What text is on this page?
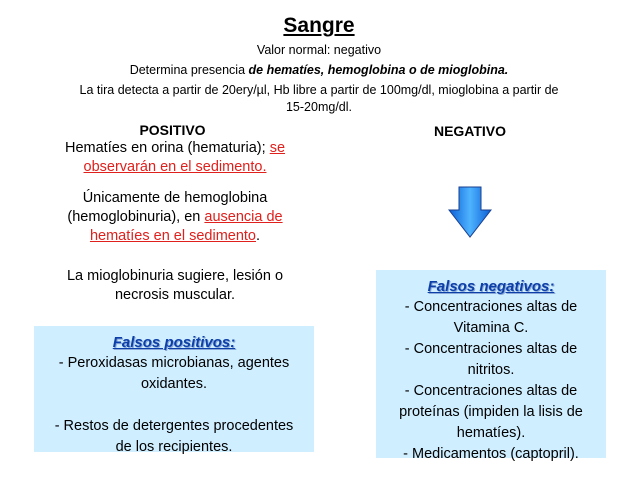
Sangre
Valor normal: negativo
Determina presencia de hematíes, hemoglobina o de mioglobina.
La tira detecta a partir de 20ery/µl, Hb libre a partir de 100mg/dl, mioglobina a partir de
15-20mg/dl.
POSITIVO
Hematíes en orina (hematuria); se
observarán en el sedimento.
Únicamente de hemoglobina
(hemoglobinuria), en ausencia de
hematíes en el sedimento.
La mioglobinuria sugiere, lesión o
necrosis muscular.
NEGATIVO
Falsos positivos:
- Peroxidasas microbianas, agentes
oxidantes.
- Restos de detergentes procedentes
de los recipientes.
Falsos negativos:
- Concentraciones altas de
Vitamina C.
- Concentraciones altas de
nitritos.
- Concentraciones altas de
proteínas (impiden la lisis de
hematíes).
- Medicamentos (captopril).
